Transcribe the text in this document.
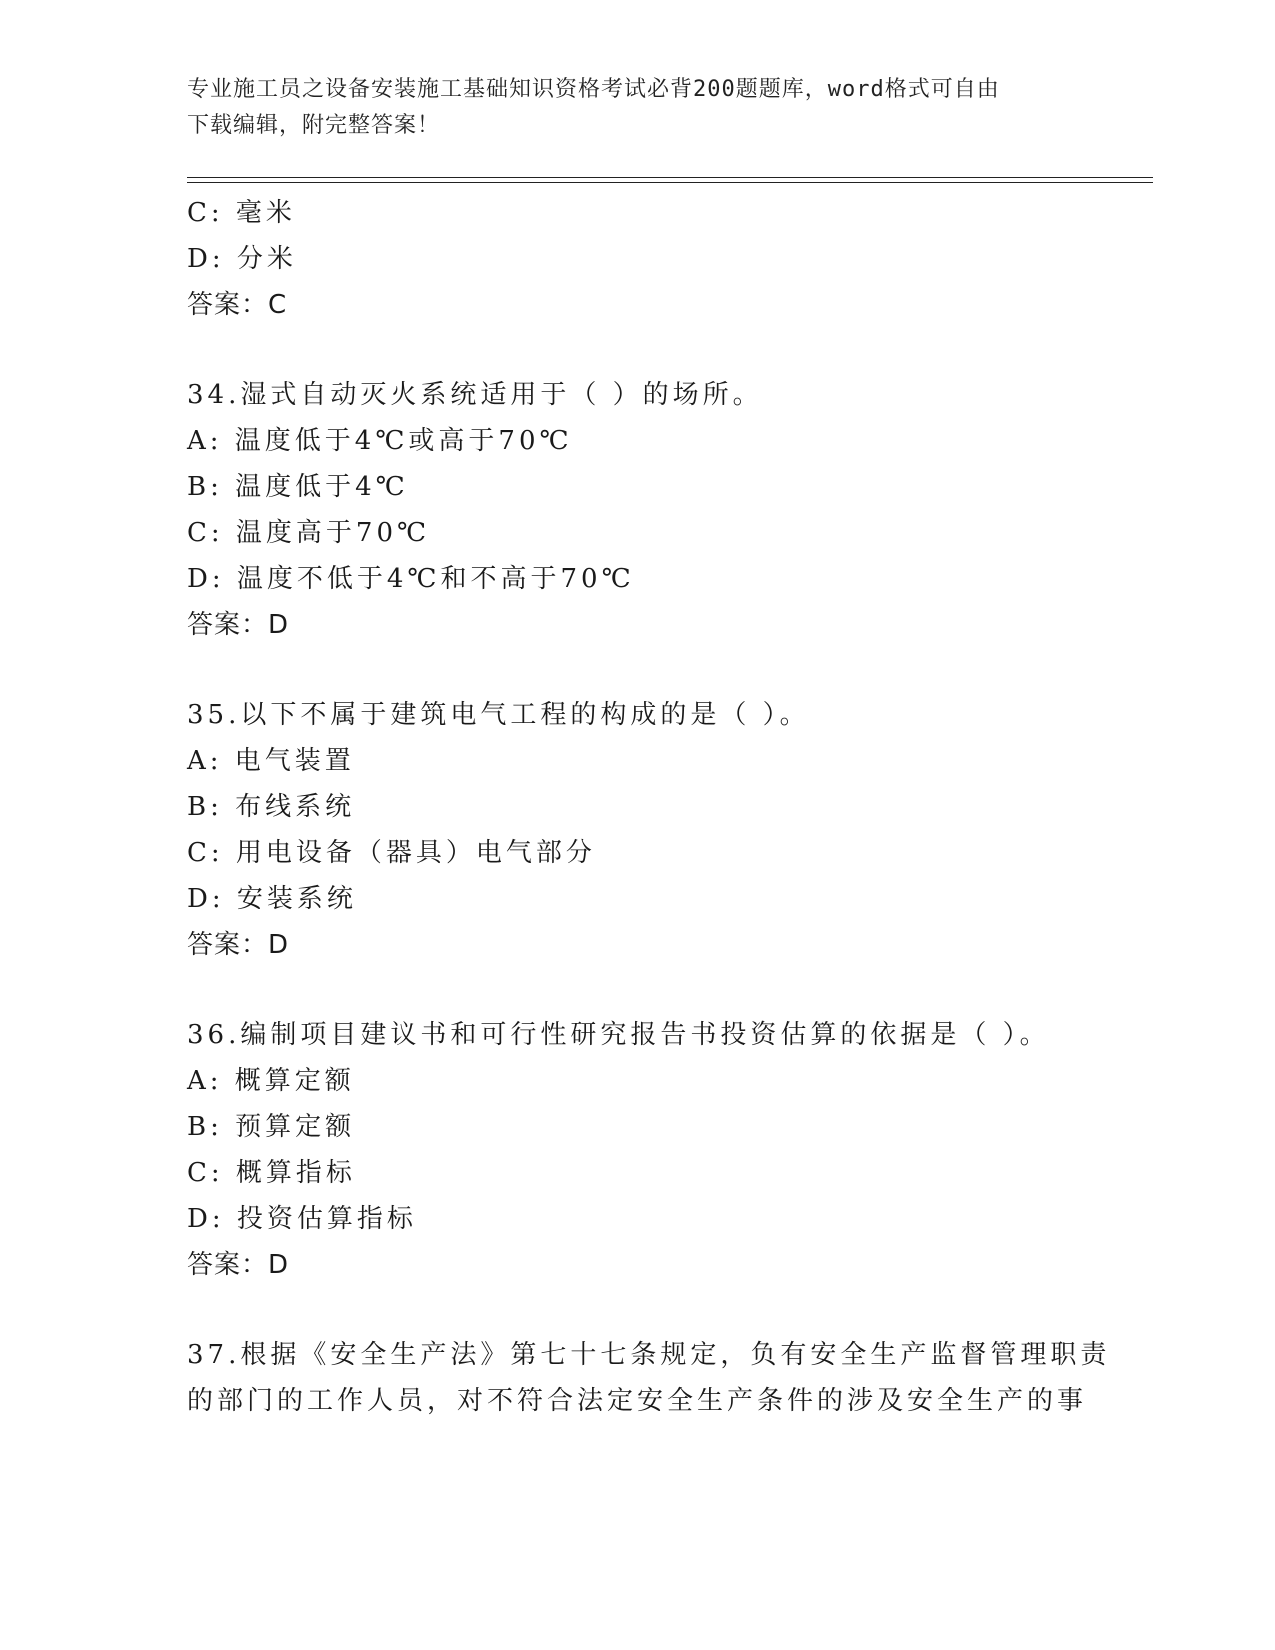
专业施工员之设备安装施工基础知识资格考试必背200题题库，word格式可自由
下载编辑，附完整答案！
C: 毫米
D: 分米
答案：C
34.湿式自动灭火系统适用于（ ）的场所。
A: 温度低于4℃或高于70℃
B: 温度低于4℃
C: 温度高于70℃
D: 温度不低于4℃和不高于70℃
答案：D
35.以下不属于建筑电气工程的构成的是（ ）。
A: 电气装置
B: 布线系统
C: 用电设备（器具）电气部分
D: 安装系统
答案：D
36.编制项目建议书和可行性研究报告书投资估算的依据是（ ）。
A: 概算定额
B: 预算定额
C: 概算指标
D: 投资估算指标
答案：D
37.根据《安全生产法》第七十七条规定，负有安全生产监督管理职责
的部门的工作人员，对不符合法定安全生产条件的涉及安全生产的事
